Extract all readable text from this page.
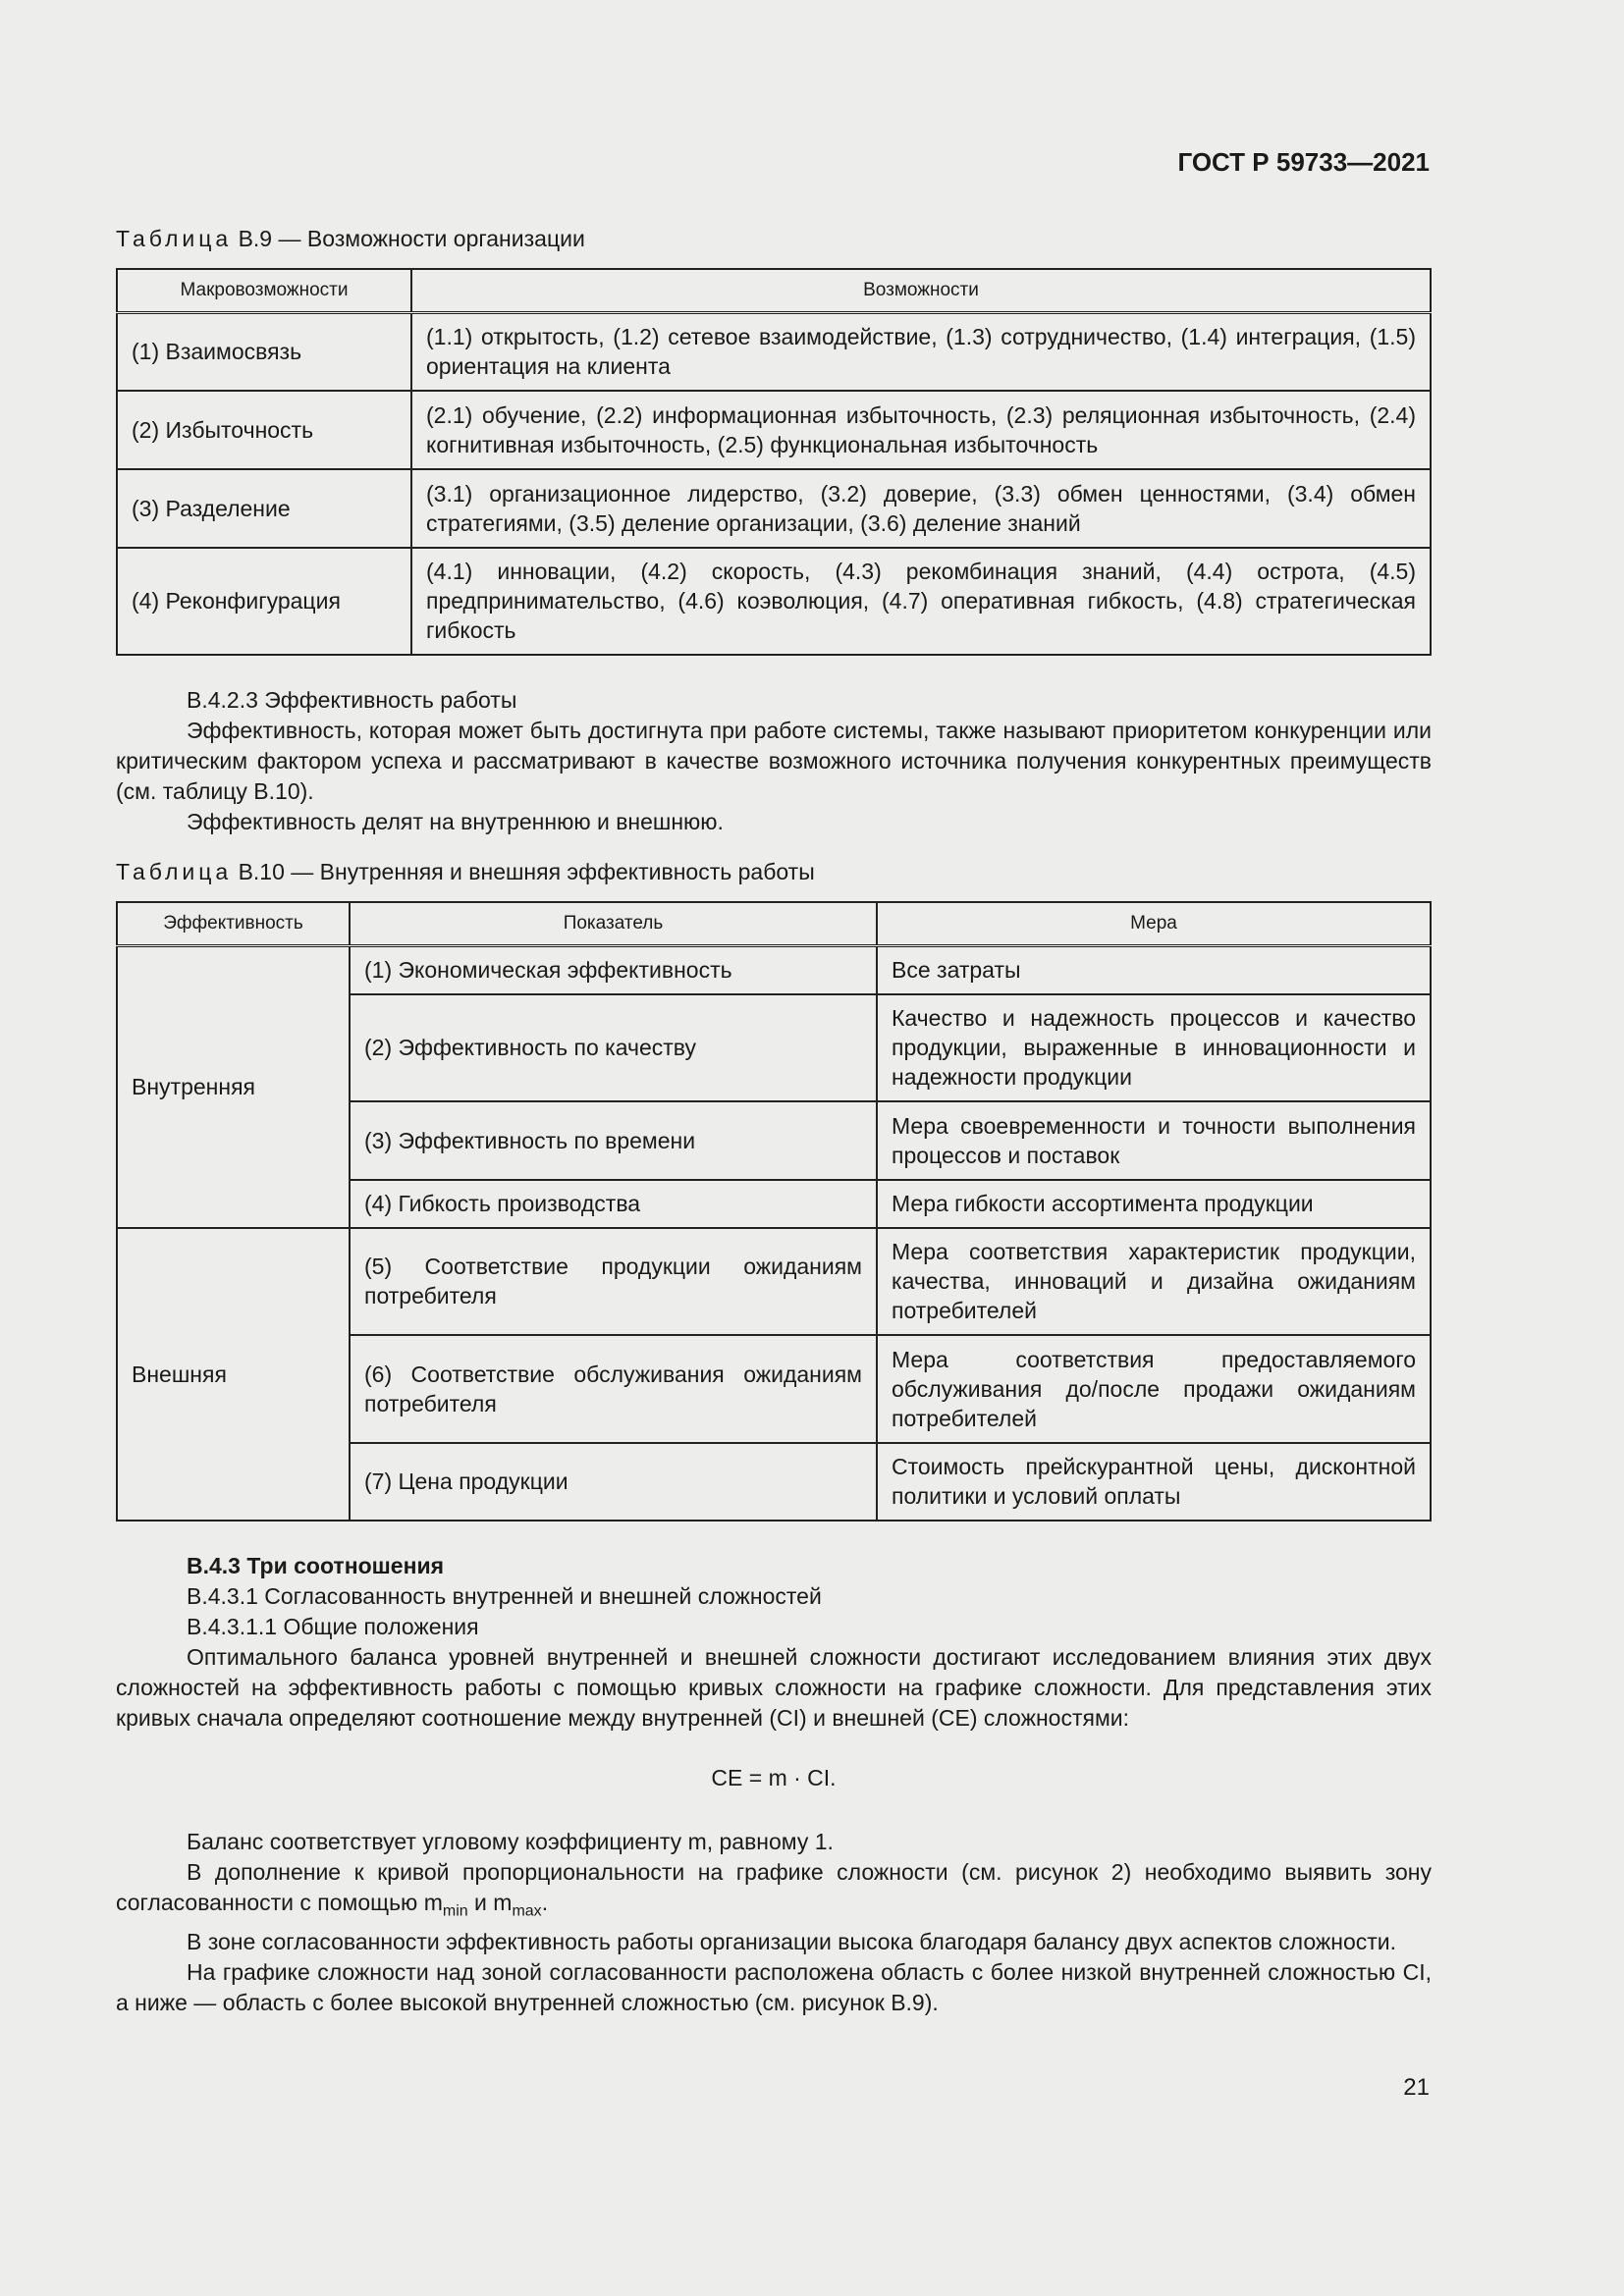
ГОСТ Р 59733—2021
Таблица В.9 — Возможности организации
Макровозможности	Возможности
(1) Взаимосвязь	(1.1) открытость, (1.2) сетевое взаимодействие, (1.3) сотрудничество, (1.4) интеграция, (1.5) ориентация на клиента
(2) Избыточность	(2.1) обучение, (2.2) информационная избыточность, (2.3) реляционная избыточность, (2.4) когнитивная избыточность, (2.5) функциональная избыточность
(3) Разделение	(3.1) организационное лидерство, (3.2) доверие, (3.3) обмен ценностями, (3.4) обмен стратегиями, (3.5) деление организации, (3.6) деление знаний
(4) Реконфигурация	(4.1) инновации, (4.2) скорость, (4.3) рекомбинация знаний, (4.4) острота, (4.5) предпринимательство, (4.6) коэволюция, (4.7) оперативная гибкость, (4.8) стратегическая гибкость

В.4.2.3 Эффективность работы

Эффективность, которая может быть достигнута при работе системы, также называют приоритетом конкуренции или критическим фактором успеха и рассматривают в качестве возможного источника получения конкурентных преимуществ (см. таблицу В.10).

Эффективность делят на внутреннюю и внешнюю.

Таблица В.10 — Внутренняя и внешняя эффективность работы
Эффективность	Показатель	Мера
Внутренняя	(1) Экономическая эффективность	Все затраты
	(2) Эффективность по качеству	Качество и надежность процессов и качество продукции, выраженные в инновационности и надежности продукции
	(3) Эффективность по времени	Мера своевременности и точности выполнения процессов и поставок
	(4) Гибкость производства	Мера гибкости ассортимента продукции
Внешняя	(5) Соответствие продукции ожиданиям потребителя	Мера соответствия характеристик продукции, качества, инноваций и дизайна ожиданиям потребителей
	(6) Соответствие обслуживания ожиданиям потребителя	Мера соответствия предоставляемого обслуживания до/после продажи ожиданиям потребителей
	(7) Цена продукции	Стоимость прейскурантной цены, дисконтной политики и условий оплаты

В.4.3 Три соотношения

В.4.3.1 Согласованность внутренней и внешней сложностей

В.4.3.1.1 Общие положения

Оптимального баланса уровней внутренней и внешней сложности достигают исследованием влияния этих двух сложностей на эффективность работы с помощью кривых сложности на графике сложности. Для представления этих кривых сначала определяют соотношение между внутренней (CI) и внешней (CE) сложностями:

CE = m · CI.

Баланс соответствует угловому коэффициенту m, равному 1.

В дополнение к кривой пропорциональности на графике сложности (см. рисунок 2) необходимо выявить зону согласованности с помощью $m_{min}$ и $m_{max}$.

В зоне согласованности эффективность работы организации высока благодаря балансу двух аспектов сложности.

На графике сложности над зоной согласованности расположена область с более низкой внутренней сложностью CI, а ниже — область с более высокой внутренней сложностью (см. рисунок В.9).

21
